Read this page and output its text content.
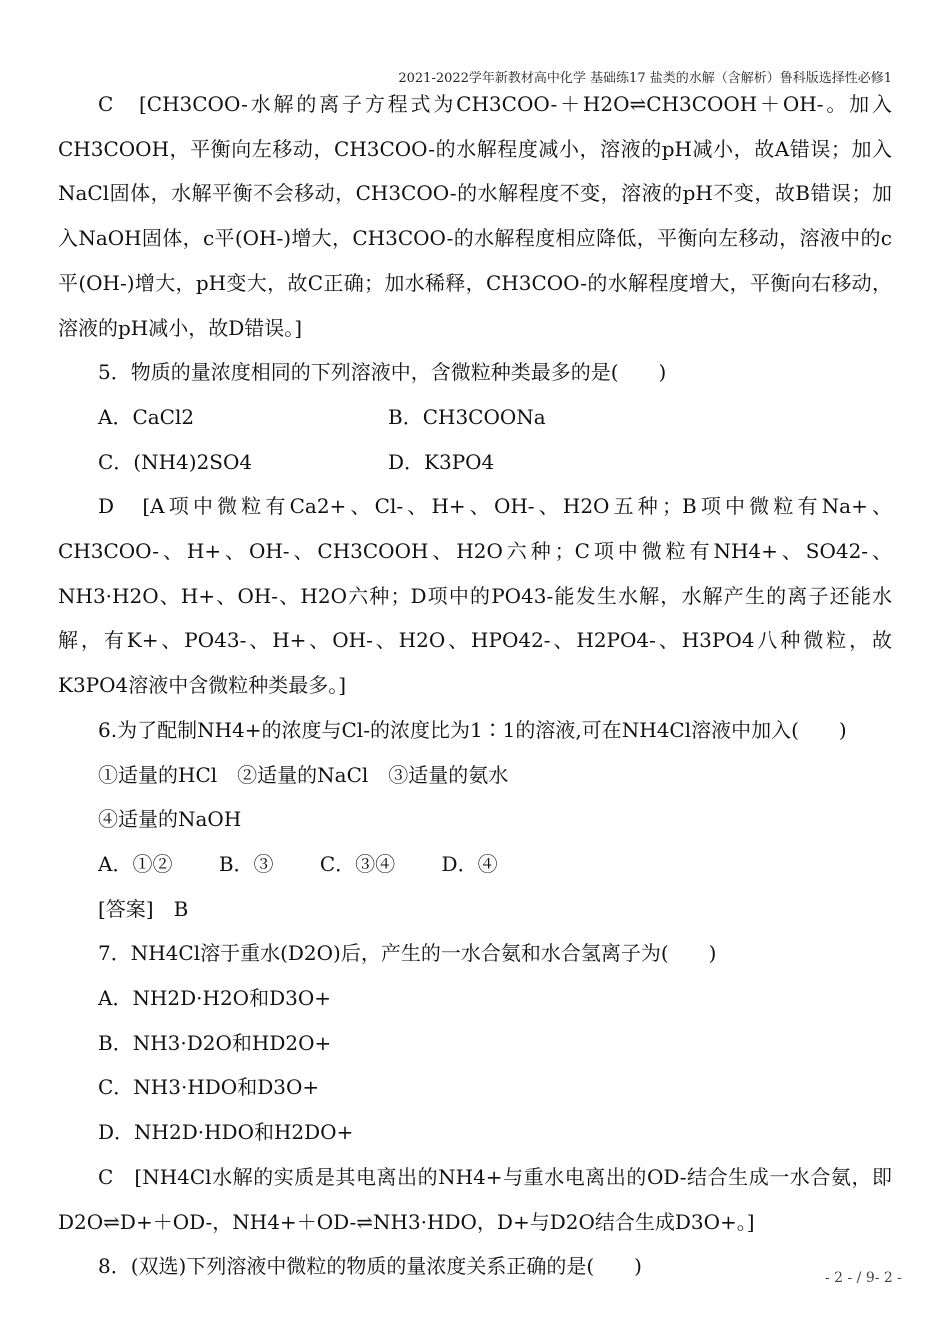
2021-2022学年新教材高中化学 基础练17 盐类的水解（含解析）鲁科版选择性必修1

C　[CH3COO-水解的离子方程式为CH3COO-＋H2O⇌CH3COOH＋OH-。加入CH3COOH，平衡向左移动，CH3COO-的水解程度减小，溶液的pH减小，故A错误；加入NaCl固体，水解平衡不会移动，CH3COO-的水解程度不变，溶液的pH不变，故B错误；加入NaOH固体，c平(OH-)增大，CH3COO-的水解程度相应降低，平衡向左移动，溶液中的c平(OH-)增大，pH变大，故C正确；加水稀释，CH3COO-的水解程度增大，平衡向右移动，溶液的pH减小，故D错误。]

5．物质的量浓度相同的下列溶液中，含微粒种类最多的是(　　)

A．CaCl2	B．CH3COONa
C．(NH4)2SO4	D．K3PO4

D　[A项中微粒有Ca2+、Cl-、H+、OH-、H2O五种；B项中微粒有Na+、CH3COO-、H+、OH-、CH3COOH、H2O六种；C项中微粒有NH4+、SO42-、NH3·H2O、H+、OH-、H2O六种；D项中的PO43-能发生水解，水解产生的离子还能水解，有K+、PO43-、H+、OH-、H2O、HPO42-、H2PO4-、H3PO4八种微粒，故K3PO4溶液中含微粒种类最多。]

6.为了配制NH4+的浓度与Cl-的浓度比为1∶1的溶液,可在NH4Cl溶液中加入(　　)

①适量的HCl　②适量的NaCl　③适量的氨水
④适量的NaOH
A．①② B．③ C．③④ D．④
[答案]　B

7．NH4Cl溶于重水(D2O)后，产生的一水合氨和水合氢离子为(　　)

A．NH2D·H2O和D3O+
B．NH3·D2O和HD2O+
C．NH3·HDO和D3O+
D．NH2D·HDO和H2DO+

C　[NH4Cl水解的实质是其电离出的NH4+与重水电离出的OD-结合生成一水合氨，即D2O⇌D+＋OD-，NH4+＋OD-⇌NH3·HDO，D+与D2O结合生成D3O+。]

8．(双选)下列溶液中微粒的物质的量浓度关系正确的是(　　)	- 2 - / 9- 2 -
